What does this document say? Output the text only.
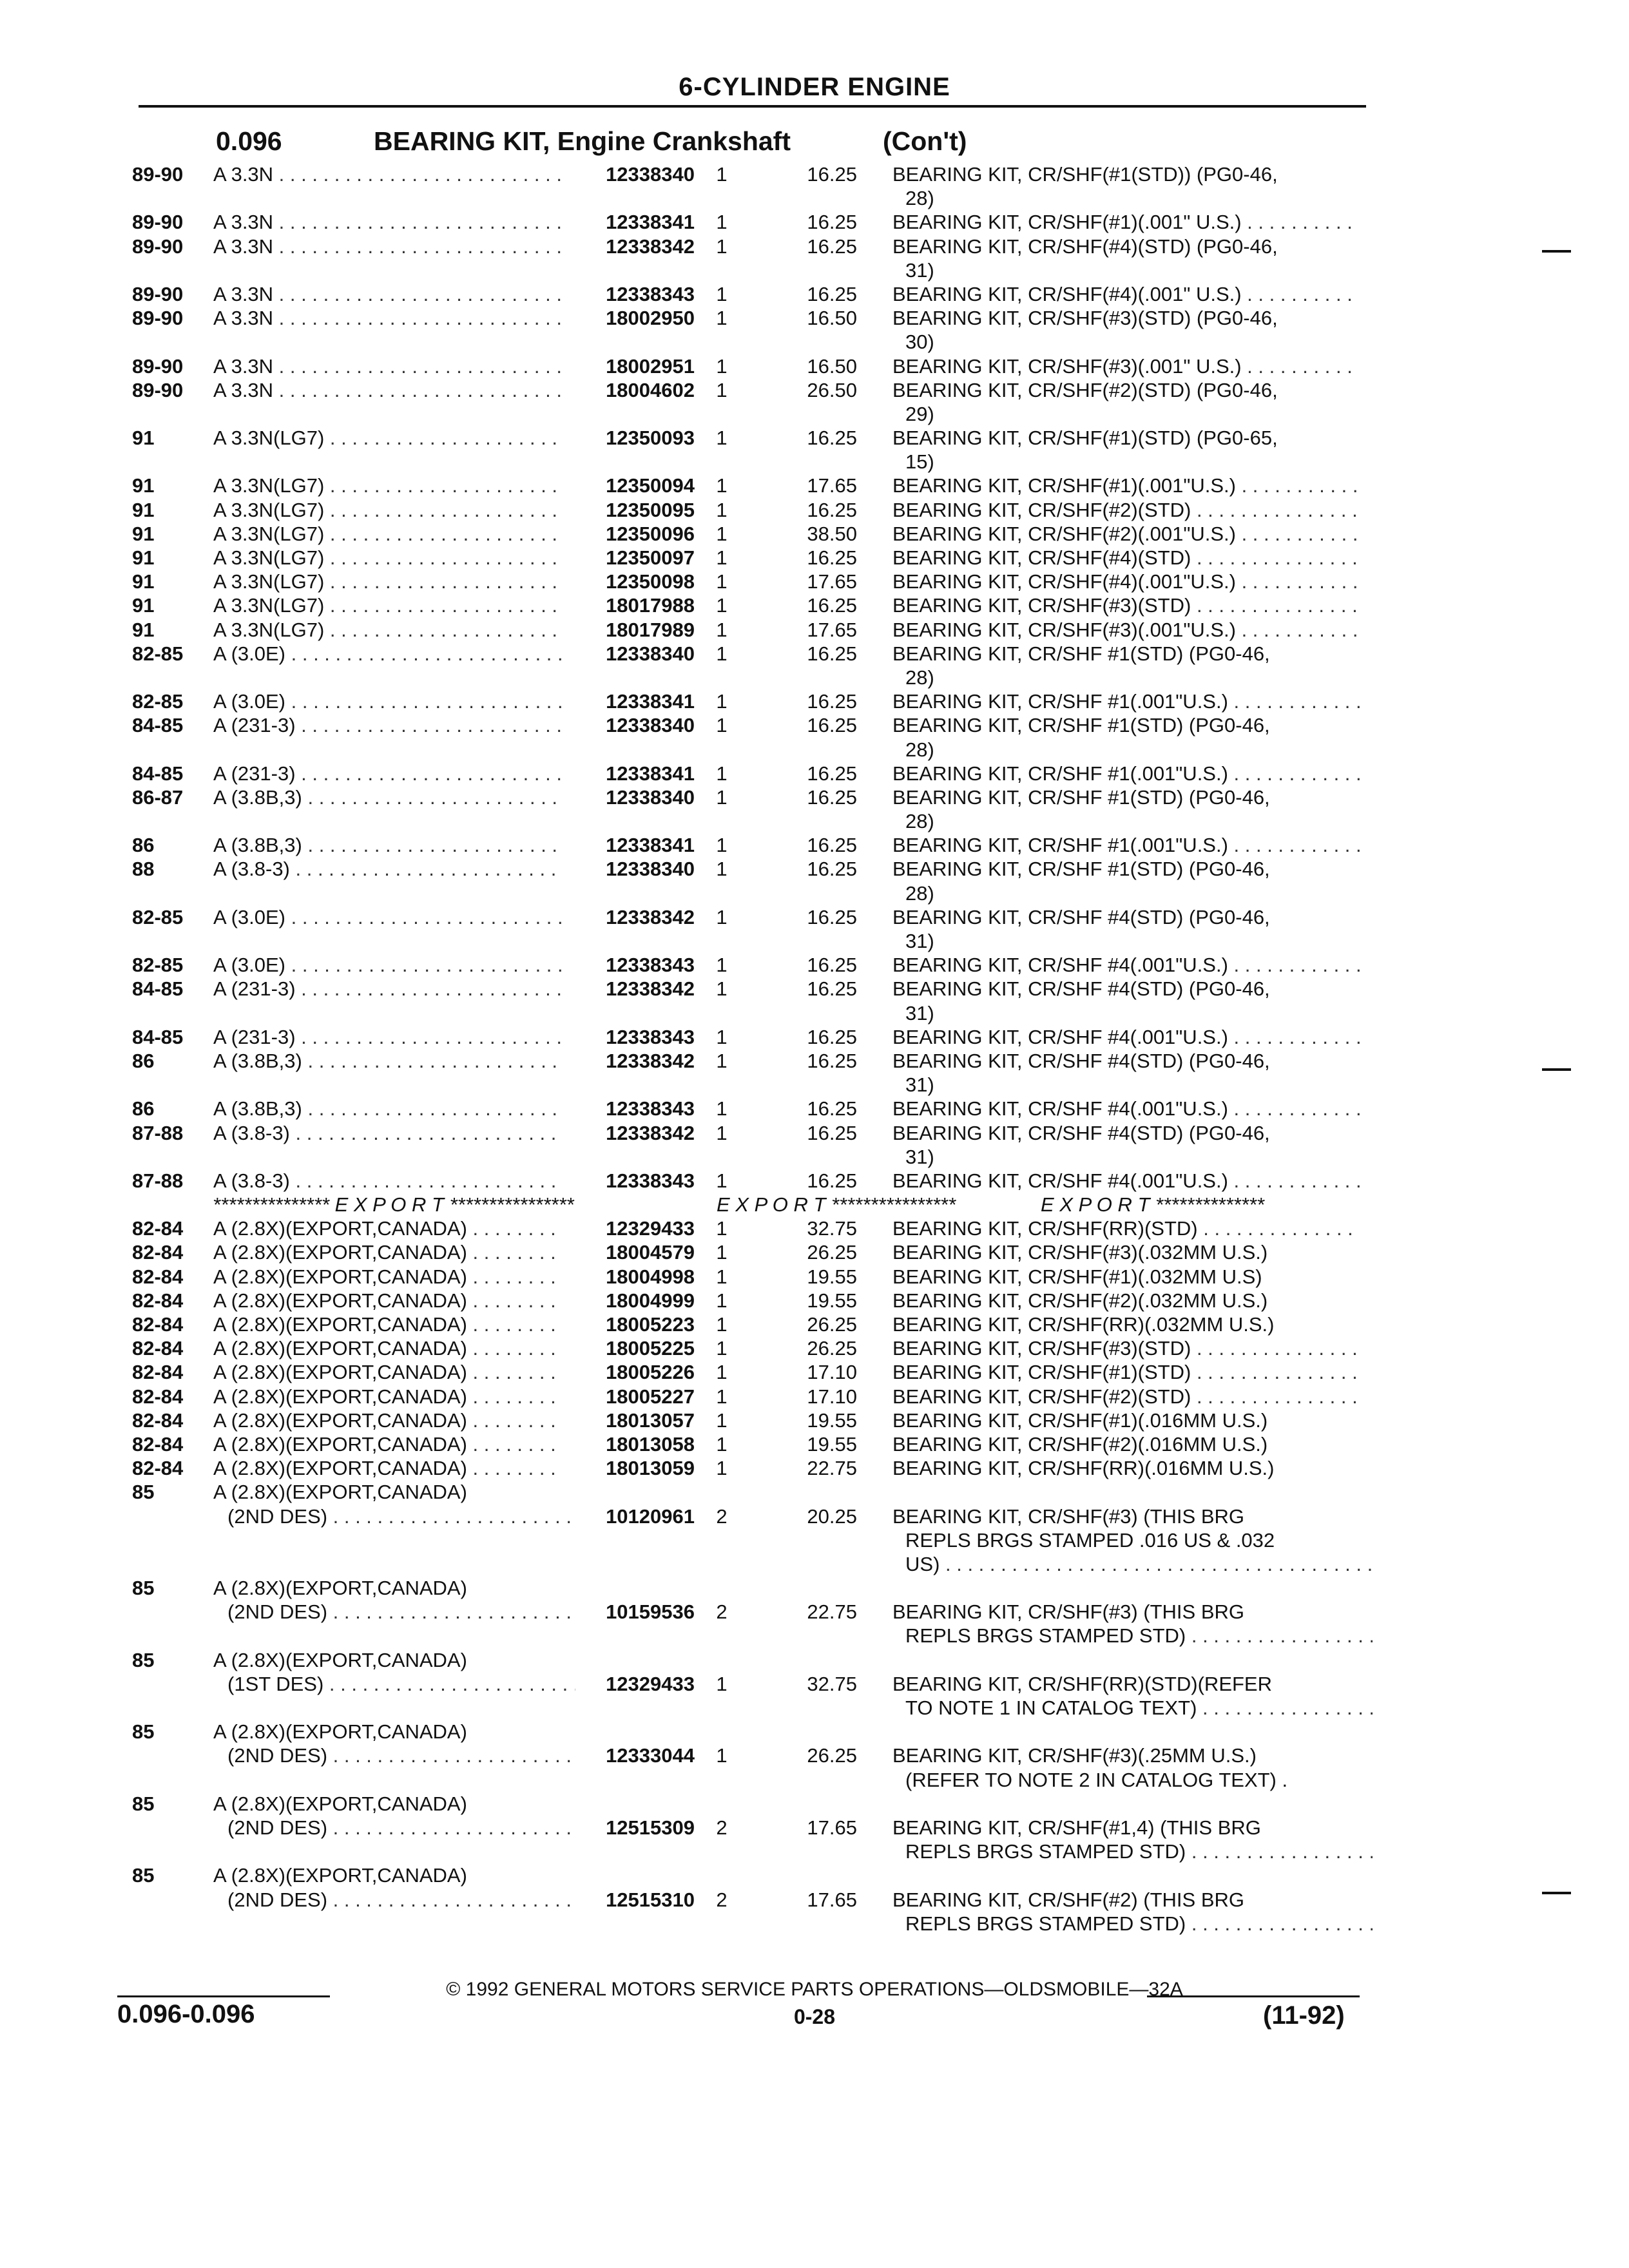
6-CYLINDER ENGINE
0.096	BEARING KIT, Engine Crankshaft	(Con't)
89-90 A 3.3N . . .	12338340	1	16.25 BEARING KIT, CR/SHF(#1(STD)) (PG0-46,
28)
89-90 A 3.3N . . .	12338341	1	16.25 BEARING KIT, CR/SHF(#1)(.001" U.S.) . . .
89-90 A 3.3N . . .	12338342	1	16.25 BEARING KIT, CR/SHF(#4)(STD) (PG0-46,
31)
89-90 A 3.3N . . .	12338343	1	16.25 BEARING KIT, CR/SHF(#4)(.001" U.S.) . . .
89-90 A 3.3N . . .	18002950	1	16.50 BEARING KIT, CR/SHF(#3)(STD) (PG0-46,
30)
89-90 A 3.3N . . .	18002951	1	16.50 BEARING KIT, CR/SHF(#3)(.001" U.S.) . . .
89-90 A 3.3N . . .	18004602	1	26.50 BEARING KIT, CR/SHF(#2)(STD) (PG0-46,
29)
91	A 3.3N(LG7) . . .	12350093	1	16.25 BEARING KIT, CR/SHF(#1)(STD) (PG0-65,
15)
91	A 3.3N(LG7) . . .	12350094	1	17.65 BEARING KIT, CR/SHF(#1)(.001"U.S.) . . .
91	A 3.3N(LG7) . . .	12350095	1	16.25 BEARING KIT, CR/SHF(#2)(STD) . . .
91	A 3.3N(LG7) . . .	12350096	1	38.50 BEARING KIT, CR/SHF(#2)(.001"U.S.) . . .
91	A 3.3N(LG7) . . .	12350097	1	16.25 BEARING KIT, CR/SHF(#4)(STD) . . .
91	A 3.3N(LG7) . . .	12350098	1	17.65 BEARING KIT, CR/SHF(#4)(.001"U.S.) . . .
91	A 3.3N(LG7) . . .	18017988	1	16.25 BEARING KIT, CR/SHF(#3)(STD) . . .
91	A 3.3N(LG7) . . .	18017989	1	17.65 BEARING KIT, CR/SHF(#3)(.001"U.S.) . . .
82-85 A (3.0E) . . .	12338340	1	16.25 BEARING KIT, CR/SHF #1(STD) (PG0-46,
28)
82-85 A (3.0E) . . .	12338341	1	16.25 BEARING KIT, CR/SHF #1(.001"U.S.) . . .
84-85 A (231-3) . . .	12338340	1	16.25 BEARING KIT, CR/SHF #1(STD) (PG0-46,
28)
84-85 A (231-3) . . .	12338341	1	16.25 BEARING KIT, CR/SHF #1(.001"U.S.) . . .
86-87 A (3.8B,3) . . .	12338340	1	16.25 BEARING KIT, CR/SHF #1(STD) (PG0-46,
28)
86	A (3.8B,3) . . .	12338341	1	16.25 BEARING KIT, CR/SHF #1(.001"U.S.) . . .
88	A (3.8-3) . . .	12338340	1	16.25 BEARING KIT, CR/SHF #1(STD) (PG0-46,
28)
82-85 A (3.0E) . . .	12338342	1	16.25 BEARING KIT, CR/SHF #4(STD) (PG0-46,
31)
82-85 A (3.0E) . . .	12338343	1	16.25 BEARING KIT, CR/SHF #4(.001"U.S.) . . .
84-85 A (231-3) . . .	12338342	1	16.25 BEARING KIT, CR/SHF #4(STD) (PG0-46,
31)
84-85 A (231-3) . . .	12338343	1	16.25 BEARING KIT, CR/SHF #4(.001"U.S.) . . .
86	A (3.8B,3) . . .	12338342	1	16.25 BEARING KIT, CR/SHF #4(STD) (PG0-46,
31)
86	A (3.8B,3) . . .	12338343	1	16.25 BEARING KIT, CR/SHF #4(.001"U.S.) . . .
87-88 A (3.8-3) . . .	12338342	1	16.25 BEARING KIT, CR/SHF #4(STD) (PG0-46,
31)
87-88 A (3.8-3) . . .	12338343	1	16.25 BEARING KIT, CR/SHF #4(.001"U.S.) . . .
*************** E X P O R T ****************	E X P O R T ****************	E X P O R T **************
82-84 A (2.8X)(EXPORT,CANADA) . . .	12329433	1	32.75 BEARING KIT, CR/SHF(RR)(STD) . . .
82-84 A (2.8X)(EXPORT,CANADA) . . .	18004579	1	26.25 BEARING KIT, CR/SHF(#3)(.032MM U.S.)
82-84 A (2.8X)(EXPORT,CANADA) . . .	18004998	1	19.55 BEARING KIT, CR/SHF(#1)(.032MM U.S)
82-84 A (2.8X)(EXPORT,CANADA) . . .	18004999	1	19.55 BEARING KIT, CR/SHF(#2)(.032MM U.S.)
82-84 A (2.8X)(EXPORT,CANADA) . . .	18005223	1	26.25 BEARING KIT, CR/SHF(RR)(.032MM U.S.)
82-84 A (2.8X)(EXPORT,CANADA) . . .	18005225	1	26.25 BEARING KIT, CR/SHF(#3)(STD) . . .
82-84 A (2.8X)(EXPORT,CANADA) . . .	18005226	1	17.10 BEARING KIT, CR/SHF(#1)(STD) . . .
82-84 A (2.8X)(EXPORT,CANADA) . . .	18005227	1	17.10 BEARING KIT, CR/SHF(#2)(STD) . . .
82-84 A (2.8X)(EXPORT,CANADA) . . .	18013057	1	19.55 BEARING KIT, CR/SHF(#1)(.016MM U.S.)
82-84 A (2.8X)(EXPORT,CANADA) . . .	18013058	1	19.55 BEARING KIT, CR/SHF(#2)(.016MM U.S.)
82-84 A (2.8X)(EXPORT,CANADA) . . .	18013059	1	22.75 BEARING KIT, CR/SHF(RR)(.016MM U.S.)
85	A (2.8X)(EXPORT,CANADA)
(2ND DES) . . .	10120961	2	20.25 BEARING KIT, CR/SHF(#3) (THIS BRG
REPLS BRGS STAMPED .016 US & .032
US) . . .
85	A (2.8X)(EXPORT,CANADA)
(2ND DES) . . .	10159536	2	22.75 BEARING KIT, CR/SHF(#3) (THIS BRG
REPLS BRGS STAMPED STD) . . .
85	A (2.8X)(EXPORT,CANADA)
(1ST DES) . . .	12329433	1	32.75 BEARING KIT, CR/SHF(RR)(STD)(REFER
TO NOTE 1 IN CATALOG TEXT) . . .
85	A (2.8X)(EXPORT,CANADA)
(2ND DES) . . .	12333044	1	26.25 BEARING KIT, CR/SHF(#3)(.25MM U.S.)
(REFER TO NOTE 2 IN CATALOG TEXT) .
85	A (2.8X)(EXPORT,CANADA)
(2ND DES) . . .	12515309	2	17.65 BEARING KIT, CR/SHF(#1,4) (THIS BRG
REPLS BRGS STAMPED STD) . . .
85	A (2.8X)(EXPORT,CANADA)
(2ND DES) . . .	12515310	2	17.65 BEARING KIT, CR/SHF(#2) (THIS BRG
REPLS BRGS STAMPED STD) . . .
© 1992 GENERAL MOTORS SERVICE PARTS OPERATIONS—OLDSMOBILE—32A
0.096-0.096	0-28	(11-92)
